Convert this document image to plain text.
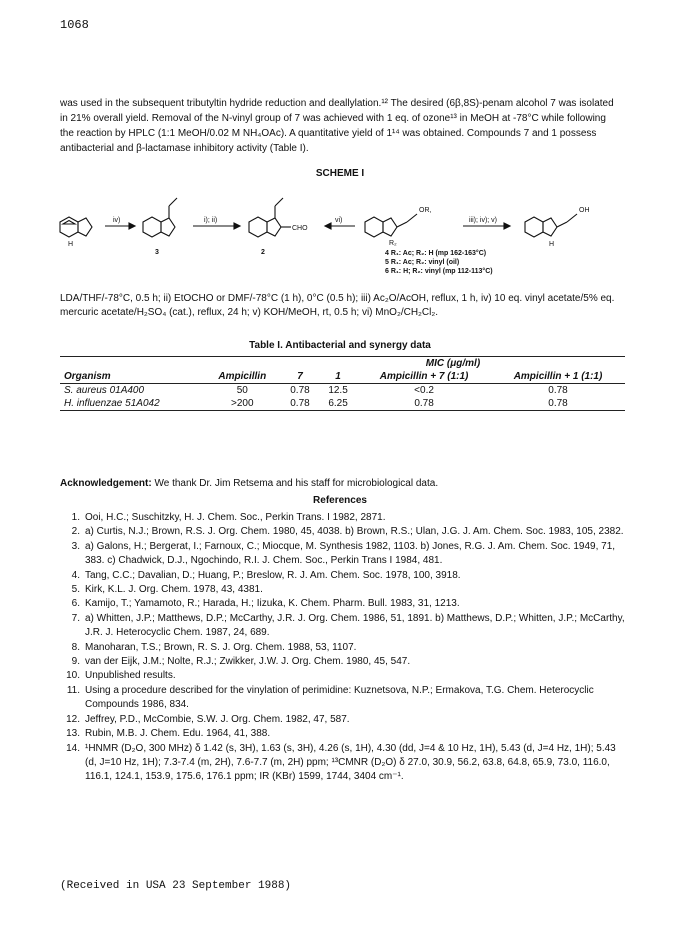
1068

was used in the subsequent tributyltin hydride reduction and deallylation.¹² The desired (6β,8S)-penam alcohol 7 was isolated in 21% overall yield. Removal of the N-vinyl group of 7 was achieved with 1 eq. of ozone¹³ in MeOH at -78°C while following the reaction by HPLC (1:1 MeOH/0.02 M NH₄OAc). A quantitative yield of 1¹⁴ was obtained. Compounds 7 and 1 possess antibacterial and β-lactamase inhibitory activity (Table I).

SCHEME I
iv)	i); ii)	vi)	iii); iv); v)
3	2
CHO
OR,	OH
R₂
H	H
4 R₁: Ac; R₂: H (mp 162-163°C)
5 R₁: Ac; R₂: vinyl (oil)
6 R₁: H; R₂: vinyl (mp 112-113°C)
LDA/THF/-78°C, 0.5 h; ii) EtOCHO or DMF/-78°C (1 h), 0°C (0.5 h); iii) Ac₂O/AcOH, reflux, 1 h, iv) 10 eq. vinyl acetate/5% eq. mercuric acetate/H₂SO₄ (cat.), reflux, 24 h; v) KOH/MeOH, rt, 0.5 h; vi) MnO₂/CH₂Cl₂.
Table I. Antibacterial and synergy data

		MIC (μg/ml)			
Organism	Ampicillin	7	1	Ampicillin + 7 (1:1)	Ampicillin + 1 (1:1)

S. aureus 01A400	50	0.78	12.5	<0.2	0.78
H. influenzae 51A042	>200	0.78	6.25	0.78	0.78

Acknowledgement: We thank Dr. Jim Retsema and his staff for microbiological data.
References
1. Ooi, H.C.; Suschitzky, H. J. Chem. Soc., Perkin Trans. I 1982, 2871.
2. a) Curtis, N.J.; Brown, R.S. J. Org. Chem. 1980, 45, 4038. b) Brown, R.S.; Ulan, J.G. J. Am. Chem. Soc. 1983, 105, 2382.
3. a) Galons, H.; Bergerat, I.; Farnoux, C.; Miocque, M. Synthesis 1982, 1103. b) Jones, R.G. J. Am. Chem. Soc. 1949, 71, 383. c) Chadwick, D.J., Ngochindo, R.I. J. Chem. Soc., Perkin Trans I 1984, 481.
4. Tang, C.C.; Davalian, D.; Huang, P.; Breslow, R. J. Am. Chem. Soc. 1978, 100, 3918.
5. Kirk, K.L. J. Org. Chem. 1978, 43, 4381.
6. Kamijo, T.; Yamamoto, R.; Harada, H.; Iizuka, K. Chem. Pharm. Bull. 1983, 31, 1213.
7. a) Whitten, J.P.; Matthews, D.P.; McCarthy, J.R. J. Org. Chem. 1986, 51, 1891. b) Matthews, D.P.; Whitten, J.P.; McCarthy, J.R. J. Heterocyclic Chem. 1987, 24, 689.
8. Manoharan, T.S.; Brown, R. S. J. Org. Chem. 1988, 53, 1107.
9. van der Eijk, J.M.; Nolte, R.J.; Zwikker, J.W. J. Org. Chem. 1980, 45, 547.
10. Unpublished results.
11. Using a procedure described for the vinylation of perimidine: Kuznetsova, N.P.; Ermakova, T.G. Chem. Heterocyclic Compounds 1986, 834.
12. Jeffrey, P.D., McCombie, S.W. J. Org. Chem. 1982, 47, 587.
13. Rubin, M.B. J. Chem. Edu. 1964, 41, 388.
14. ¹HNMR (D₂O, 300 MHz) δ 1.42 (s, 3H), 1.63 (s, 3H), 4.26 (s, 1H), 4.30 (dd, J=4 & 10 Hz, 1H), 5.43 (d, J=4 Hz, 1H); 5.43 (d, J=10 Hz, 1H); 7.3-7.4 (m, 2H), 7.6-7.7 (m, 2H) ppm; ¹³CMNR (D₂O) δ 27.0, 30.9, 56.2, 63.8, 64.8, 65.9, 73.0, 116.0, 116.1, 124.1, 153.9, 175.6, 176.1 ppm; IR (KBr) 1599, 1744, 3404 cm⁻¹.
(Received in USA 23 September 1988)
